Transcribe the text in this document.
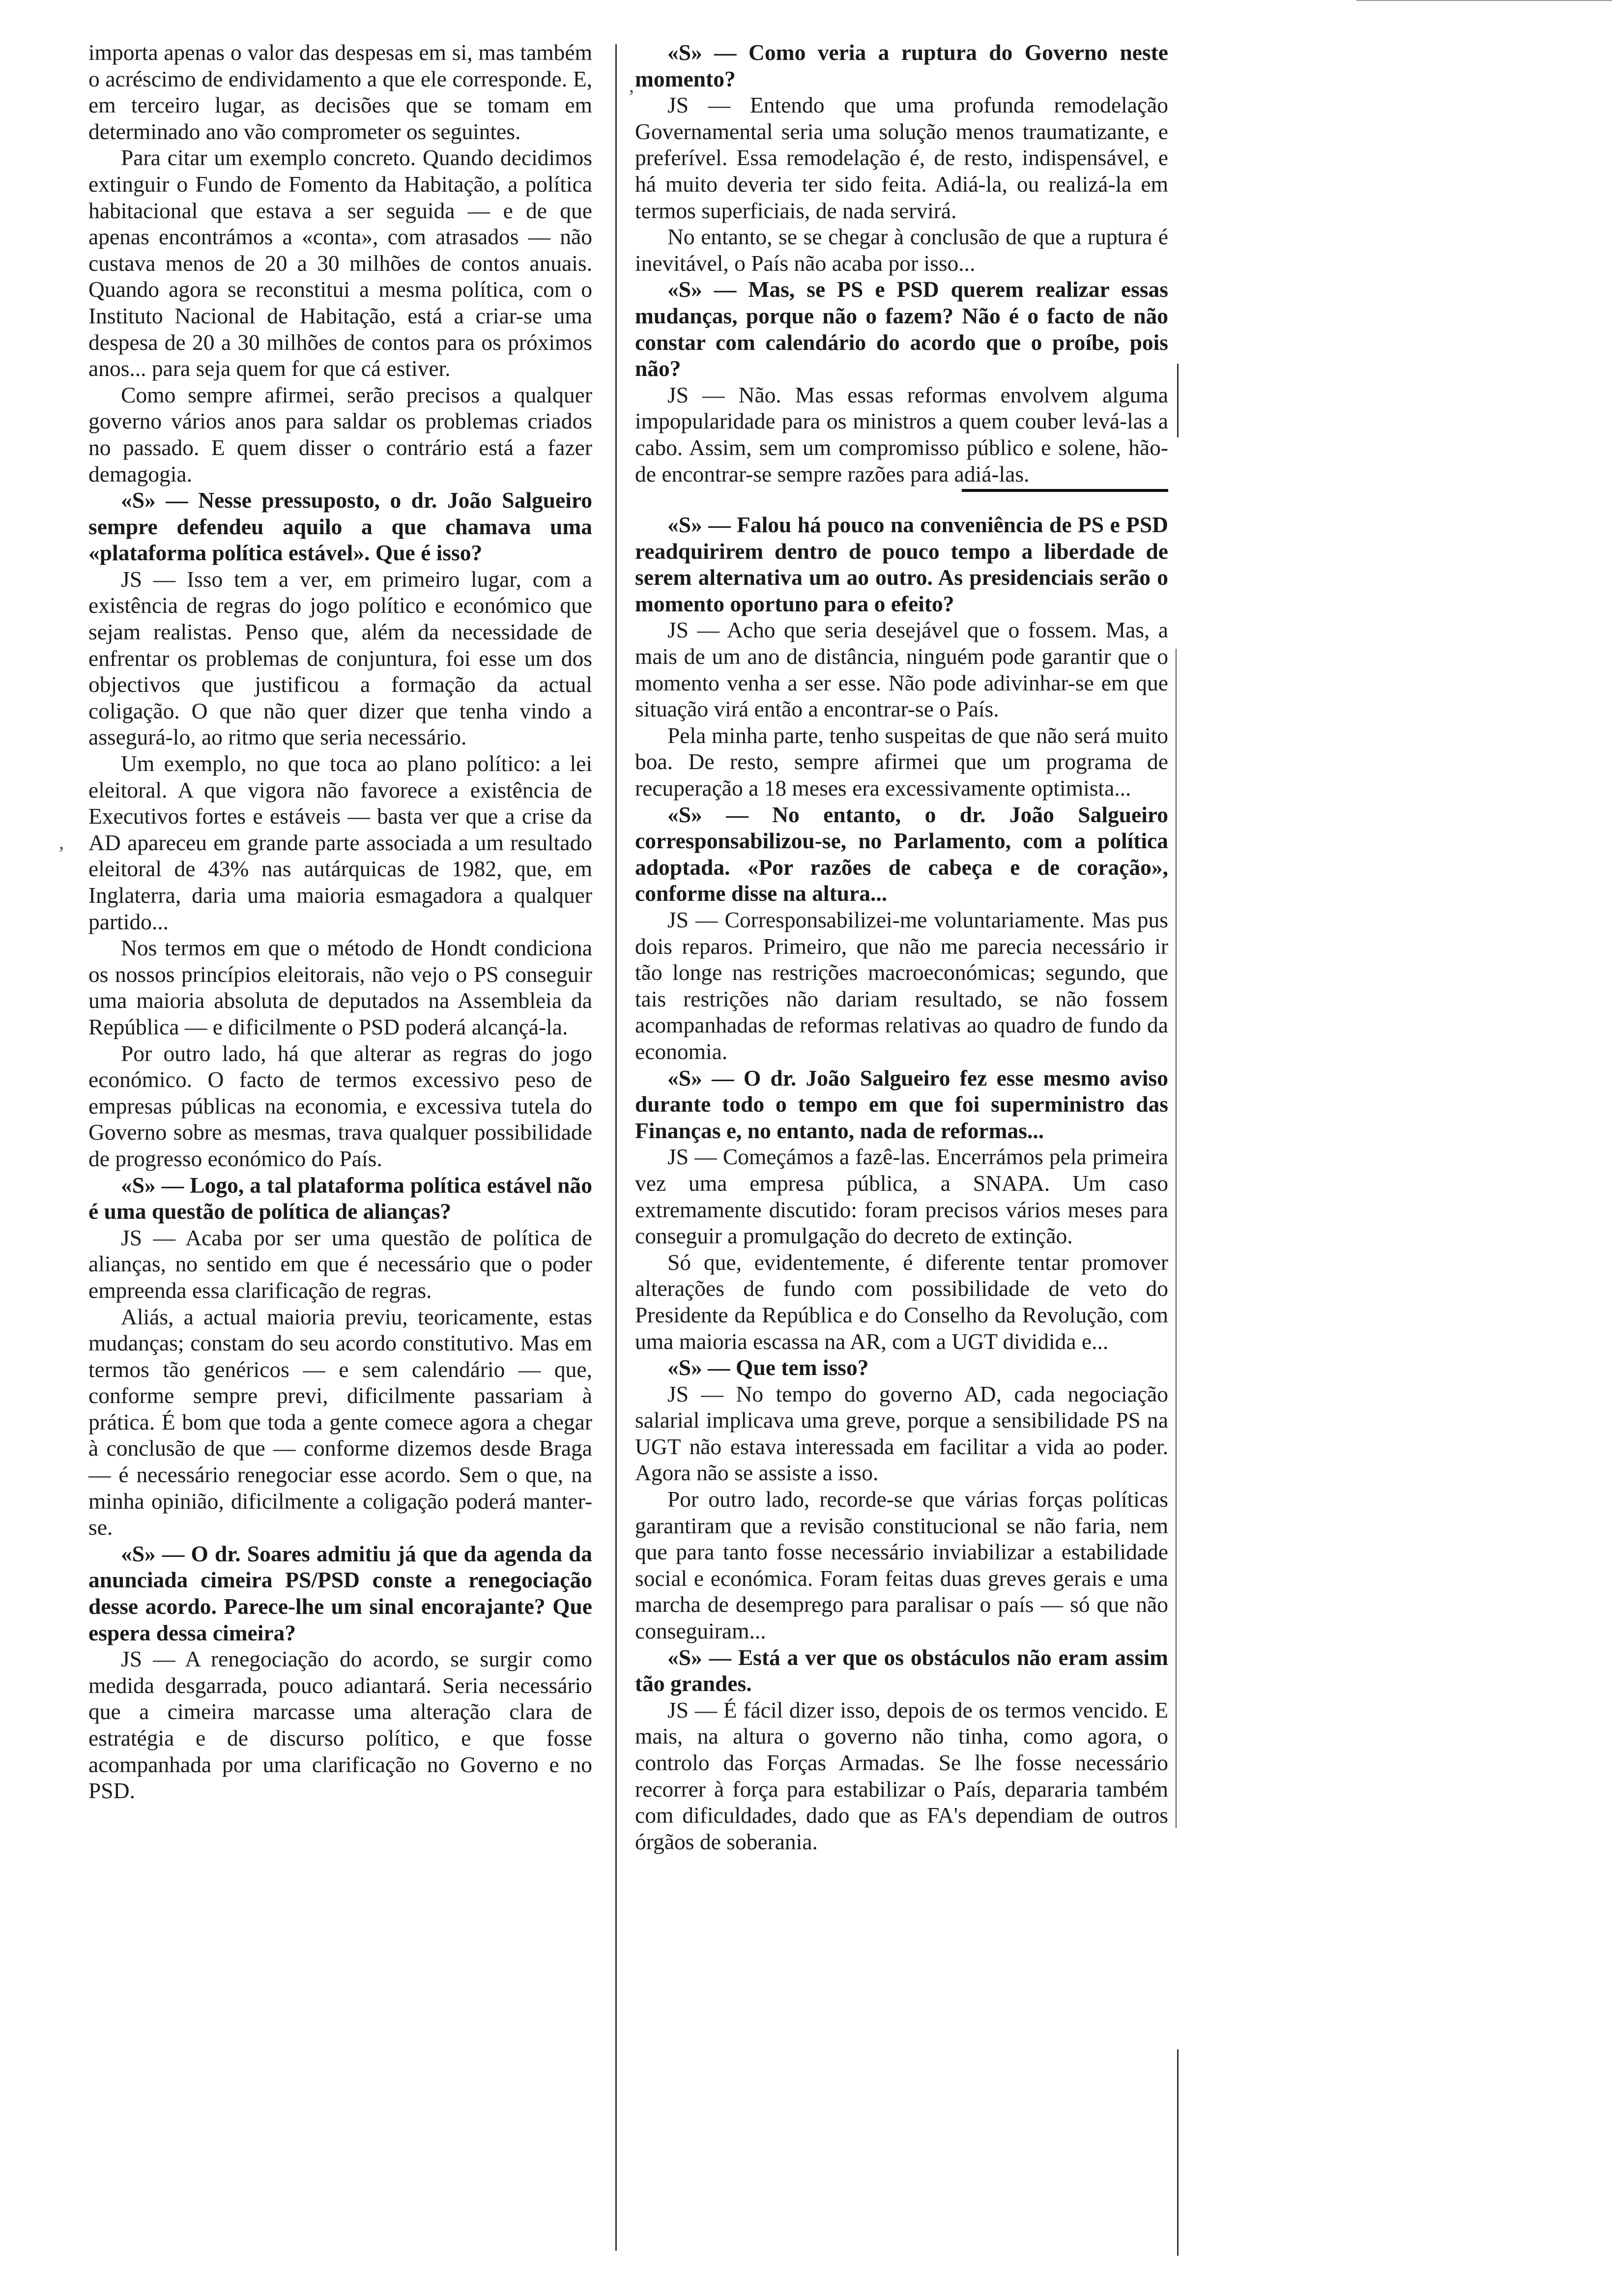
importa apenas o valor das despesas em si, mas também o acréscimo de endividamento a que ele corresponde. E, em terceiro lugar, as decisões que se tomam em determinado ano vão comprometer os seguintes.

Para citar um exemplo concreto. Quando decidimos extinguir o Fundo de Fomento da Habitação, a política habitacional que estava a ser seguida — e de que apenas encontrámos a «conta», com atrasados — não custava menos de 20 a 30 milhões de contos anuais. Quando agora se reconstitui a mesma política, com o Instituto Nacional de Habitação, está a criar-se uma despesa de 20 a 30 milhões de contos para os próximos anos... para seja quem for que cá estiver.

Como sempre afirmei, serão precisos a qualquer governo vários anos para saldar os problemas criados no passado. E quem disser o contrário está a fazer demagogia.

«S» — Nesse pressuposto, o dr. João Salgueiro sempre defendeu aquilo a que chamava uma «plataforma política estável». Que é isso?

JS — Isso tem a ver, em primeiro lugar, com a existência de regras do jogo político e económico que sejam realistas. Penso que, além da necessidade de enfrentar os problemas de conjuntura, foi esse um dos objectivos que justificou a formação da actual coligação. O que não quer dizer que tenha vindo a assegurá-lo, ao ritmo que seria necessário.

Um exemplo, no que toca ao plano político: a lei eleitoral. A que vigora não favorece a existência de Executivos fortes e estáveis — basta ver que a crise da AD apareceu em grande parte associada a um resultado eleitoral de 43% nas autárquicas de 1982, que, em Inglaterra, daria uma maioria esmagadora a qualquer partido...

Nos termos em que o método de Hondt condiciona os nossos princípios eleitorais, não vejo o PS conseguir uma maioria absoluta de deputados na Assembleia da República — e dificilmente o PSD poderá alcançá-la.

Por outro lado, há que alterar as regras do jogo económico. O facto de termos excessivo peso de empresas públicas na economia, e excessiva tutela do Governo sobre as mesmas, trava qualquer possibilidade de progresso económico do País.

«S» — Logo, a tal plataforma política estável não é uma questão de política de alianças?

JS — Acaba por ser uma questão de política de alianças, no sentido em que é necessário que o poder empreenda essa clarificação de regras.

Aliás, a actual maioria previu, teoricamente, estas mudanças; constam do seu acordo constitutivo. Mas em termos tão genéricos — e sem calendário — que, conforme sempre previ, dificilmente passariam à prática. É bom que toda a gente comece agora a chegar à conclusão de que — conforme dizemos desde Braga — é necessário renegociar esse acordo. Sem o que, na minha opinião, dificilmente a coligação poderá manter-se.

«S» — O dr. Soares admitiu já que da agenda da anunciada cimeira PS/PSD conste a renegociação desse acordo. Parece-lhe um sinal encorajante? Que espera dessa cimeira?

JS — A renegociação do acordo, se surgir como medida desgarrada, pouco adiantará. Seria necessário que a cimeira marcasse uma alteração clara de estratégia e de discurso político, e que fosse acompanhada por uma clarificação no Governo e no PSD.

«S» — Como veria a ruptura do Governo neste momento?

JS — Entendo que uma profunda remodelação Governamental seria uma solução menos traumatizante, e preferível. Essa remodelação é, de resto, indispensável, e há muito deveria ter sido feita. Adiá-la, ou realizá-la em termos superficiais, de nada servirá.

No entanto, se se chegar à conclusão de que a ruptura é inevitável, o País não acaba por isso...

«S» — Mas, se PS e PSD querem realizar essas mudanças, porque não o fazem? Não é o facto de não constar com calendário do acordo que o proíbe, pois não?

JS — Não. Mas essas reformas envolvem alguma impopularidade para os ministros a quem couber levá-las a cabo. Assim, sem um compromisso público e solene, hão-de encontrar-se sempre razões para adiá-las.

«S» — Falou há pouco na conveniência de PS e PSD readquirirem dentro de pouco tempo a liberdade de serem alternativa um ao outro. As presidenciais serão o momento oportuno para o efeito?

JS — Acho que seria desejável que o fossem. Mas, a mais de um ano de distância, ninguém pode garantir que o momento venha a ser esse. Não pode adivinhar-se em que situação virá então a encontrar-se o País.

Pela minha parte, tenho suspeitas de que não será muito boa. De resto, sempre afirmei que um programa de recuperação a 18 meses era excessivamente optimista...

«S» — No entanto, o dr. João Salgueiro corresponsabilizou-se, no Parlamento, com a política adoptada. «Por razões de cabeça e de coração», conforme disse na altura...

JS — Corresponsabilizei-me voluntariamente. Mas pus dois reparos. Primeiro, que não me parecia necessário ir tão longe nas restrições macroeconómicas; segundo, que tais restrições não dariam resultado, se não fossem acompanhadas de reformas relativas ao quadro de fundo da economia.

«S» — O dr. João Salgueiro fez esse mesmo aviso durante todo o tempo em que foi superministro das Finanças e, no entanto, nada de reformas...

JS — Começámos a fazê-las. Encerrámos pela primeira vez uma empresa pública, a SNAPA. Um caso extremamente discutido: foram precisos vários meses para conseguir a promulgação do decreto de extinção.

Só que, evidentemente, é diferente tentar promover alterações de fundo com possibilidade de veto do Presidente da República e do Conselho da Revolução, com uma maioria escassa na AR, com a UGT dividida e...

«S» — Que tem isso?

JS — No tempo do governo AD, cada negociação salarial implicava uma greve, porque a sensibilidade PS na UGT não estava interessada em facilitar a vida ao poder. Agora não se assiste a isso.

Por outro lado, recorde-se que várias forças políticas garantiram que a revisão constitucional se não faria, nem que para tanto fosse necessário inviabilizar a estabilidade social e económica. Foram feitas duas greves gerais e uma marcha de desemprego para paralisar o país — só que não conseguiram...

«S» — Está a ver que os obstáculos não eram assim tão grandes.

JS — É fácil dizer isso, depois de os termos vencido. E mais, na altura o governo não tinha, como agora, o controlo das Forças Armadas. Se lhe fosse necessário recorrer à força para estabilizar o País, depararia também com dificuldades, dado que as FA's dependiam de outros órgãos de soberania.

,
,
